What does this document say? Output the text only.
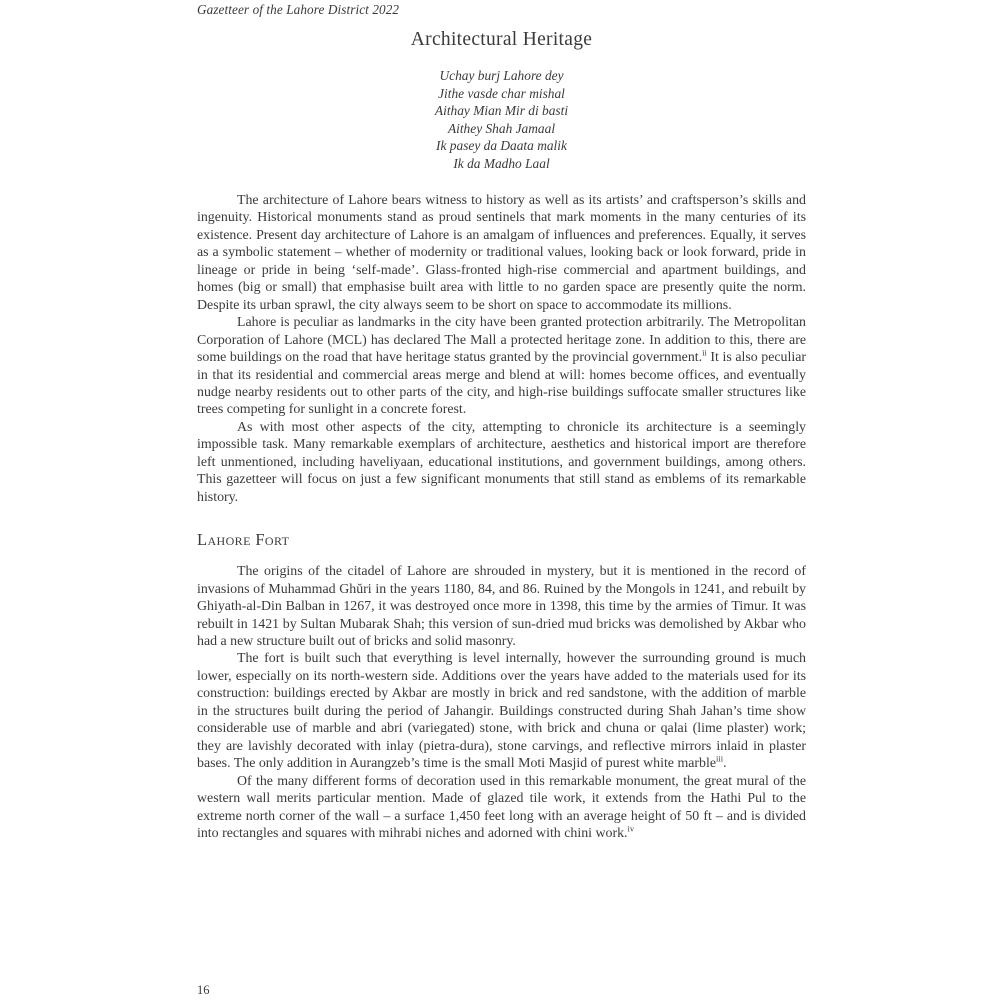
Gazetteer of the Lahore District 2022
Architectural Heritage
Uchay burj Lahore dey
Jithe vasde char mishal
Aithay Mian Mir di basti
Aithey Shah Jamaal
Ik pasey da Daata malik
Ik da Madho Laal

The architecture of Lahore bears witness to history as well as its artists’ and craftsperson’s skills and ingenuity. Historical monuments stand as proud sentinels that mark moments in the many centuries of its existence. Present day architecture of Lahore is an amalgam of influences and preferences. Equally, it serves as a symbolic statement – whether of modernity or traditional values, looking back or look forward, pride in lineage or pride in being ‘self-made’. Glass-fronted high-rise commercial and apartment buildings, and homes (big or small) that emphasise built area with little to no garden space are presently quite the norm. Despite its urban sprawl, the city always seem to be short on space to accommodate its millions.

Lahore is peculiar as landmarks in the city have been granted protection arbitrarily. The Metropolitan Corporation of Lahore (MCL) has declared The Mall a protected heritage zone. In addition to this, there are some buildings on the road that have heritage status granted by the provincial government.$^{ii}$ It is also peculiar in that its residential and commercial areas merge and blend at will: homes become offices, and eventually nudge nearby residents out to other parts of the city, and high-rise buildings suffocate smaller structures like trees competing for sunlight in a concrete forest.

As with most other aspects of the city, attempting to chronicle its architecture is a seemingly impossible task. Many remarkable exemplars of architecture, aesthetics and historical import are therefore left unmentioned, including haveliyaan, educational institutions, and government buildings, among others. This gazetteer will focus on just a few significant monuments that still stand as emblems of its remarkable history.

Lahore Fort

The origins of the citadel of Lahore are shrouded in mystery, but it is mentioned in the record of invasions of Muhammad Ghŭri in the years 1180, 84, and 86. Ruined by the Mongols in 1241, and rebuilt by Ghiyath-al-Din Balban in 1267, it was destroyed once more in 1398, this time by the armies of Timur. It was rebuilt in 1421 by Sultan Mubarak Shah; this version of sun-dried mud bricks was demolished by Akbar who had a new structure built out of bricks and solid masonry.

The fort is built such that everything is level internally, however the surrounding ground is much lower, especially on its north-western side. Additions over the years have added to the materials used for its construction: buildings erected by Akbar are mostly in brick and red sandstone, with the addition of marble in the structures built during the period of Jahangir. Buildings constructed during Shah Jahan’s time show considerable use of marble and abri (variegated) stone, with brick and chuna or qalai (lime plaster) work; they are lavishly decorated with inlay (pietra-dura), stone carvings, and reflective mirrors inlaid in plaster bases. The only addition in Aurangzeb’s time is the small Moti Masjid of purest white marble$^{iii}$.

Of the many different forms of decoration used in this remarkable monument, the great mural of the western wall merits particular mention. Made of glazed tile work, it extends from the Hathi Pul to the extreme north corner of the wall – a surface 1,450 feet long with an average height of 50 ft – and is divided into rectangles and squares with mihrabi niches and adorned with chini work.$^{iv}$

16
